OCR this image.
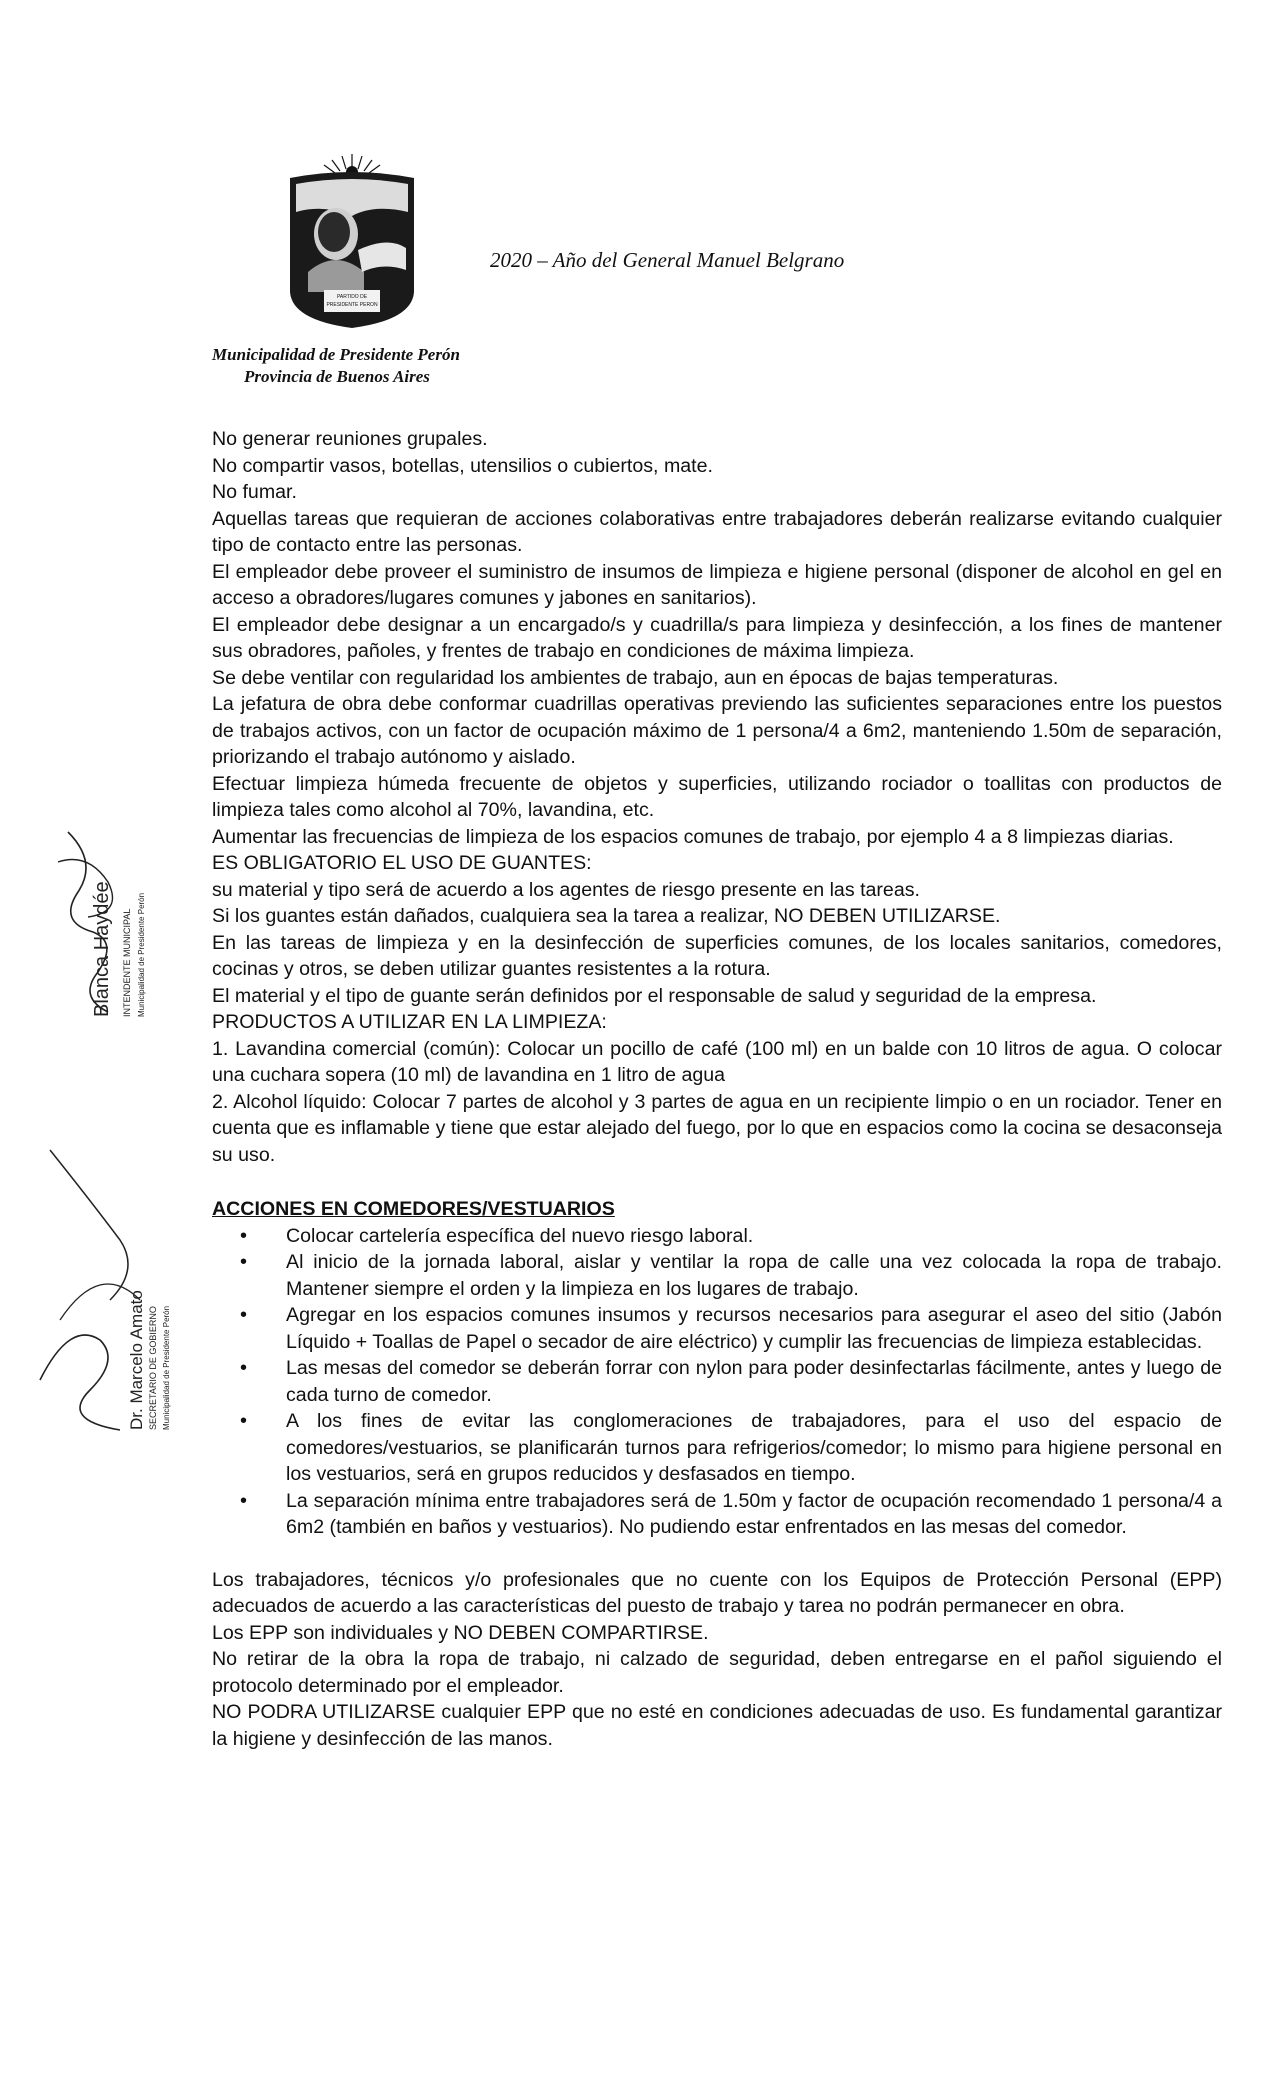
PARTIDO DE
PRESIDENTE PERON
2020 – Año del General Manuel Belgrano
Municipalidad de Presidente Perón
Provincia de Buenos Aires
Blanca Haydée INTENDENTE MUNICIPAL Municipalidad de Presidente Perón
Dr. Marcelo Amato SECRETARIO DE GOBIERNO Municipalidad de Presidente Perón

No generar reuniones grupales.

No compartir vasos, botellas, utensilios o cubiertos, mate.

No fumar.

Aquellas tareas que requieran de acciones colaborativas entre trabajadores deberán realizarse evitando cualquier tipo de contacto entre las personas.

El empleador debe proveer el suministro de insumos de limpieza e higiene personal (disponer de alcohol en gel en acceso a obradores/lugares comunes y jabones en sanitarios).

El empleador debe designar a un encargado/s y cuadrilla/s para limpieza y desinfección, a los fines de mantener sus obradores, pañoles, y frentes de trabajo en condiciones de máxima limpieza.

Se debe ventilar con regularidad los ambientes de trabajo, aun en épocas de bajas temperaturas.

La jefatura de obra debe conformar cuadrillas operativas previendo las suficientes separaciones entre los puestos de trabajos activos, con un factor de ocupación máximo de 1 persona/4 a 6m2, manteniendo 1.50m de separación, priorizando el trabajo autónomo y aislado.

Efectuar limpieza húmeda frecuente de objetos y superficies, utilizando rociador o toallitas con productos de limpieza tales como alcohol al 70%, lavandina, etc.

Aumentar las frecuencias de limpieza de los espacios comunes de trabajo, por ejemplo 4 a 8 limpiezas diarias.

ES OBLIGATORIO EL USO DE GUANTES:

su material y tipo será de acuerdo a los agentes de riesgo presente en las tareas.

Si los guantes están dañados, cualquiera sea la tarea a realizar, NO DEBEN UTILIZARSE.

En las tareas de limpieza y en la desinfección de superficies comunes, de los locales sanitarios, comedores, cocinas y otros, se deben utilizar guantes resistentes a la rotura.

El material y el tipo de guante serán definidos por el responsable de salud y seguridad de la empresa.

PRODUCTOS A UTILIZAR EN LA LIMPIEZA:

1. Lavandina comercial (común): Colocar un pocillo de café (100 ml) en un balde con 10 litros de agua. O colocar una cuchara sopera (10 ml) de lavandina en 1 litro de agua

2. Alcohol líquido: Colocar 7 partes de alcohol y 3 partes de agua en un recipiente limpio o en un rociador. Tener en cuenta que es inflamable y tiene que estar alejado del fuego, por lo que en espacios como la cocina se desaconseja su uso.

ACCIONES EN COMEDORES/VESTUARIOS

• Colocar cartelería específica del nuevo riesgo laboral.
• Al inicio de la jornada laboral, aislar y ventilar la ropa de calle una vez colocada la ropa de trabajo. Mantener siempre el orden y la limpieza en los lugares de trabajo.
• Agregar en los espacios comunes insumos y recursos necesarios para asegurar el aseo del sitio (Jabón Líquido + Toallas de Papel o secador de aire eléctrico) y cumplir las frecuencias de limpieza establecidas.
• Las mesas del comedor se deberán forrar con nylon para poder desinfectarlas fácilmente, antes y luego de cada turno de comedor.
• A los fines de evitar las conglomeraciones de trabajadores, para el uso del espacio de comedores/vestuarios, se planificarán turnos para refrigerios/comedor; lo mismo para higiene personal en los vestuarios, será en grupos reducidos y desfasados en tiempo.
• La separación mínima entre trabajadores será de 1.50m y factor de ocupación recomendado 1 persona/4 a 6m2 (también en baños y vestuarios). No pudiendo estar enfrentados en las mesas del comedor.

Los trabajadores, técnicos y/o profesionales que no cuente con los Equipos de Protección Personal (EPP) adecuados de acuerdo a las características del puesto de trabajo y tarea no podrán permanecer en obra.

Los EPP son individuales y NO DEBEN COMPARTIRSE.

No retirar de la obra la ropa de trabajo, ni calzado de seguridad, deben entregarse en el pañol siguiendo el protocolo determinado por el empleador.

NO PODRA UTILIZARSE cualquier EPP que no esté en condiciones adecuadas de uso. Es fundamental garantizar la higiene y desinfección de las manos.
